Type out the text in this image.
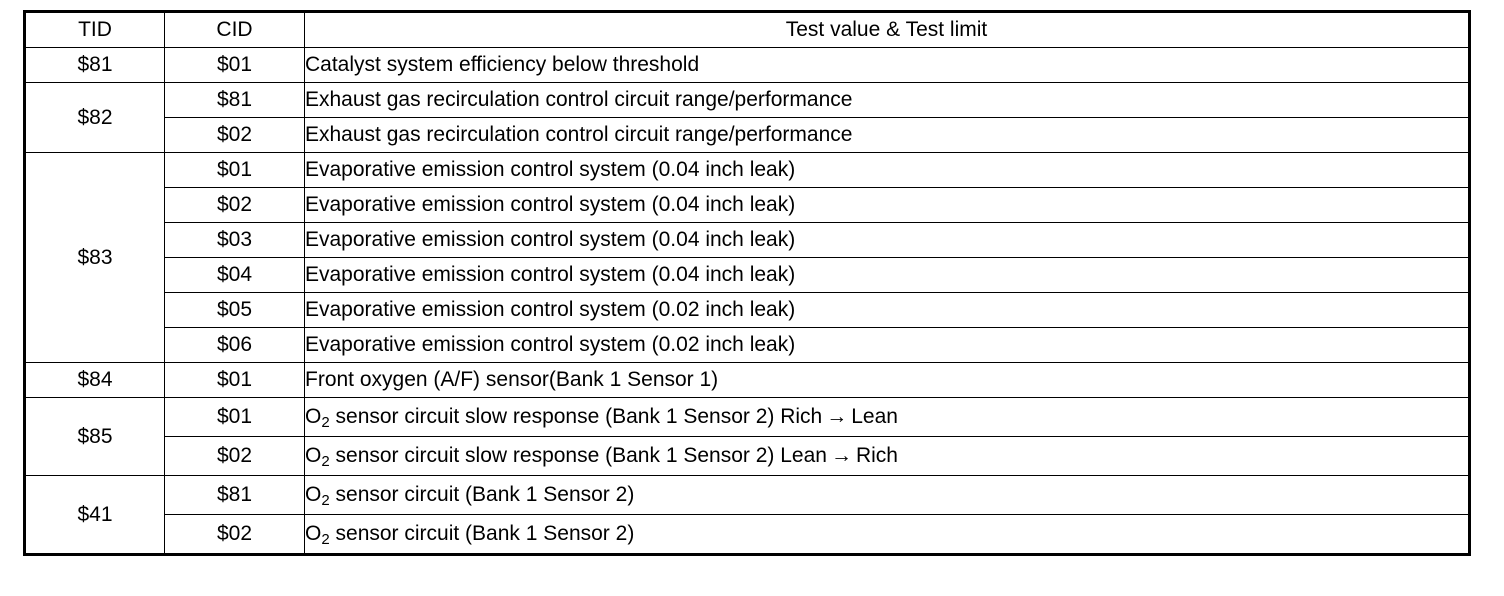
TID	CID	Test value & Test limit
$81	$01	Catalyst system efficiency below threshold
$82	$81	Exhaust gas recirculation control circuit range/performance
	$02	Exhaust gas recirculation control circuit range/performance
$83	$01	Evaporative emission control system (0.04 inch leak)
	$02	Evaporative emission control system (0.04 inch leak)
	$03	Evaporative emission control system (0.04 inch leak)
	$04	Evaporative emission control system (0.04 inch leak)
	$05	Evaporative emission control system (0.02 inch leak)
	$06	Evaporative emission control system (0.02 inch leak)
$84	$01	Front oxygen (A/F) sensor(Bank 1 Sensor 1)
$85	$01	$O_2$ sensor circuit slow response (Bank 1 Sensor 2) Rich → Lean
	$02	$O_2$ sensor circuit slow response (Bank 1 Sensor 2) Lean → Rich
$41	$81	$O_2$ sensor circuit (Bank 1 Sensor 2)
	$02	$O_2$ sensor circuit (Bank 1 Sensor 2)
